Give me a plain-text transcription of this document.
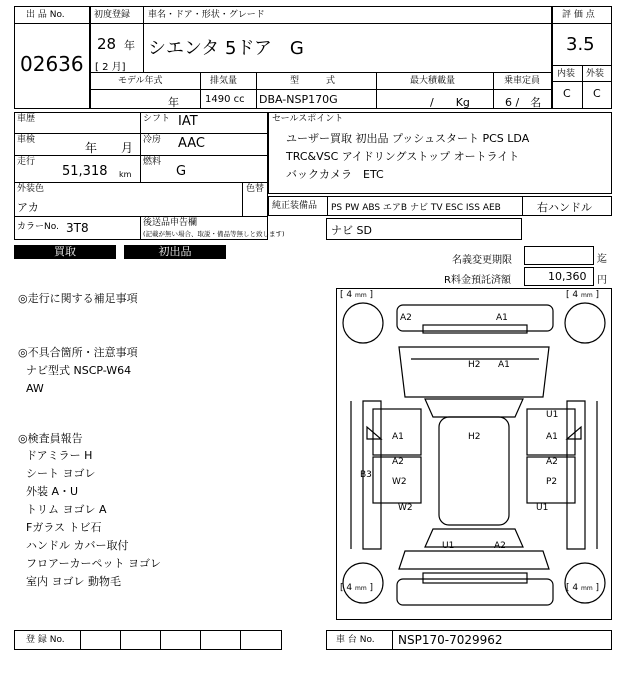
出 品 No.
02636
初度登録
28 年
[ 2 月]
車名・ドア・形状・グレード
シエンタ 5ドア　G
モデル年式
年
排気量
1490 cc
型　　　式
DBA-NSP170G
最大積載量
/　　Kg
乗車定員
6 /　名
評 価 点
3.5
内装 外装
C C
車歴	シフト IAT
車検
年　　月
冷房 AAC
走行
51,318 km
燃料
G
外装色
アカ
色替
カラーNo. 3T8	後送品申告欄
(記載が無い場合、取説・備品等無しと致します)
セールスポイント
ユーザー買取 初出品 プッシュスタート PCS LDA
TRC&VSC アイドリングストップ オートライト
バックカメラ　ETC
純正装備品 PS PW ABS エアB ナビ TV ESC ISS AEB	右ハンドル
ナビ SD
買取	初出品
名義変更期限	迄
R料金預託済額	10,360 円
◎走行に関する補足事項
◎不具合箇所・注意事項
ナビ型式 NSCP-W64
AW
◎検査員報告
ドアミラー H
シート ヨゴレ
外装 A・U
トリム ヨゴレ A
Fガラス トビ石
ハンドル カバー取付
フロアーカーペット ヨゴレ
室内 ヨゴレ 動物毛
[ 4 mm ]	[ 4 mm ]
[ 4 mm ]	[ 4 mm ]
A2	A1
H2 A1
U1
A1	H2	A1
A2
B3
W2
A2
P2
W2	U1
U1	A2
登 録 No.	車 台 No. NSP170-7029962
